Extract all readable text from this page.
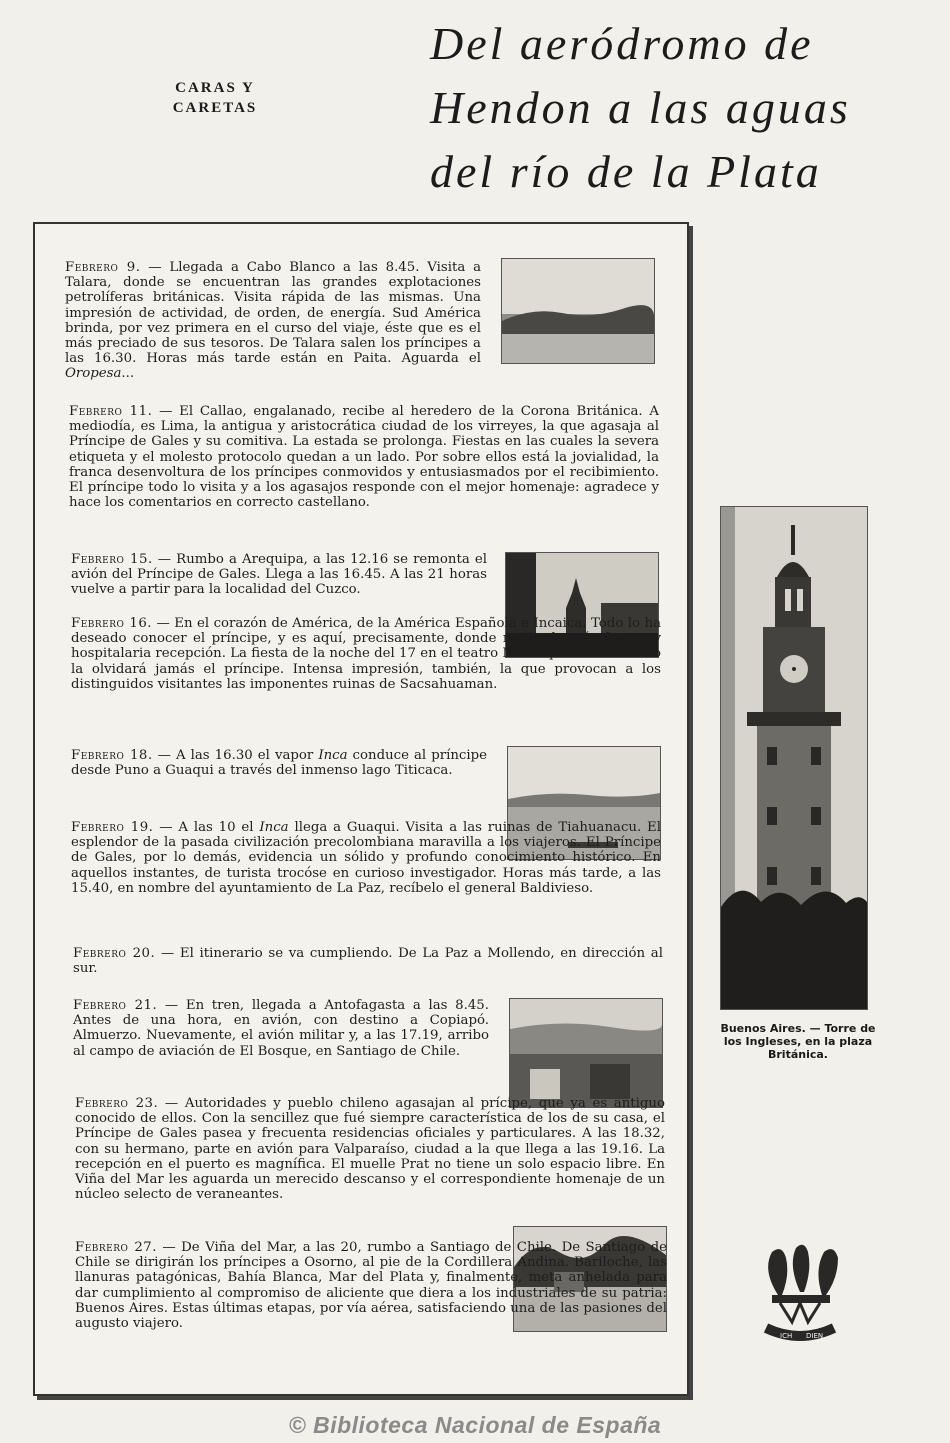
CARAS Y
CARETAS
Del aeródromo de
Hendon a las aguas
del río de la Plata
Febrero 9. — Llegada a Cabo Blanco a las 8.45. Visita a Talara, donde se encuentran las grandes explotaciones petrolíferas británicas. Visita rápida de las mismas. Una impresión de actividad, de orden, de energía. Sud América brinda, por vez primera en el curso del viaje, éste que es el más preciado de sus tesoros. De Talara salen los príncipes a las 16.30. Horas más tarde están en Paita. Aguarda el Oropesa...
Febrero 11. — El Callao, engalanado, recibe al heredero de la Corona Británica. A mediodía, es Lima, la antigua y aristocrática ciudad de los virreyes, la que agasaja al Príncipe de Gales y su comitiva. La estada se prolonga. Fiestas en las cuales la severa etiqueta y el molesto protocolo quedan a un lado. Por sobre ellos está la jovialidad, la franca desenvoltura de los príncipes conmovidos y entusiasmados por el recibimiento. El príncipe todo lo visita y a los agasajos responde con el mejor homenaje: agradece y hace los comentarios en correcto castellano.
Febrero 15. — Rumbo a Arequipa, a las 12.16 se remonta el avión del Príncipe de Gales. Llega a las 16.45. A las 21 horas vuelve a partir para la localidad del Cuzco.
Febrero 16. — En el corazón de América, de la América Española e Incaica. Todo lo ha deseado conocer el príncipe, y es aquí, precisamente, donde recibe la más franca y hospitalaria recepción. La fiesta de la noche del 17 en el teatro Municipal del Cuzco no la olvidará jamás el príncipe. Intensa impresión, también, la que provocan a los distinguidos visitantes las imponentes ruinas de Sacsahuaman.
Febrero 18. — A las 16.30 el vapor Inca conduce al príncipe desde Puno a Guaqui a través del inmenso lago Titicaca.
Febrero 19. — A las 10 el Inca llega a Guaqui. Visita a las ruinas de Tiahuanacu. El esplendor de la pasada civilización precolombiana maravilla a los viajeros. El Príncipe de Gales, por lo demás, evidencia un sólido y profundo conocimiento histórico. En aquellos instantes, de turista trocóse en curioso investigador. Horas más tarde, a las 15.40, en nombre del ayuntamiento de La Paz, recíbelo el general Baldivieso.
Febrero 20. — El itinerario se va cumpliendo. De La Paz a Mollendo, en dirección al sur.
Febrero 21. — En tren, llegada a Antofagasta a las 8.45. Antes de una hora, en avión, con destino a Copiapó. Almuerzo. Nuevamente, el avión militar y, a las 17.19, arribo al campo de aviación de El Bosque, en Santiago de Chile.
Febrero 23. — Autoridades y pueblo chileno agasajan al prícipe, que ya es antiguo conocido de ellos. Con la sencillez que fué siempre característica de los de su casa, el Príncipe de Gales pasea y frecuenta residencias oficiales y particulares. A las 18.32, con su hermano, parte en avión para Valparaíso, ciudad a la que llega a las 19.16. La recepción en el puerto es magnífica. El muelle Prat no tiene un solo espacio libre. En Viña del Mar les aguarda un merecido descanso y el correspondiente homenaje de un núcleo selecto de veraneantes.
Febrero 27. — De Viña del Mar, a las 20, rumbo a Santiago de Chile. De Santiago de Chile se dirigirán los príncipes a Osorno, al pie de la Cordillera Andina. Bariloche, las llanuras patagónicas, Bahía Blanca, Mar del Plata y, finalmente, meta anhelada para dar cumplimiento al compromiso de aliciente que diera a los industriales de su patria: Buenos Aires. Estas últimas etapas, por vía aérea, satisfaciendo una de las pasiones del augusto viajero.
Buenos Aires. — Torre de los Ingleses, en la plaza Británica.
ICH DIEN
© Biblioteca Nacional de España
